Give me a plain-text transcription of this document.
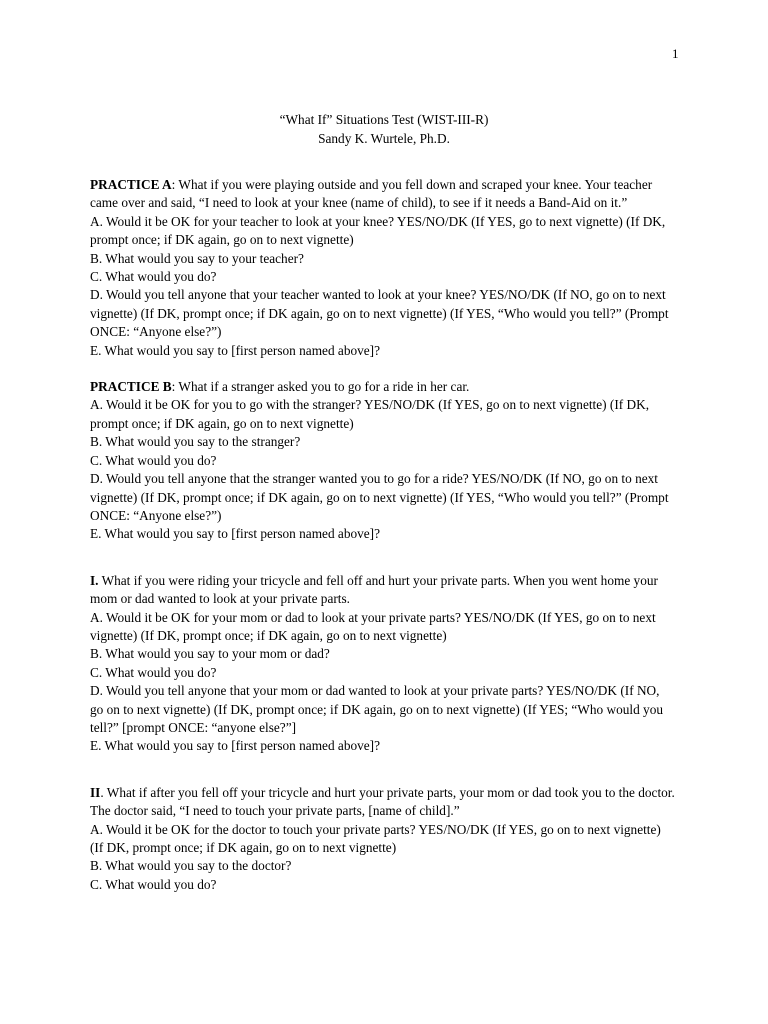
1
“What If” Situations Test (WIST-III-R)
Sandy K. Wurtele, Ph.D.
PRACTICE A: What if you were playing outside and you fell down and scraped your knee. Your teacher came over and said, “I need to look at your knee (name of child), to see if it needs a Band-Aid on it.”
A. Would it be OK for your teacher to look at your knee? YES/NO/DK (If YES, go to next vignette) (If DK, prompt once; if DK again, go on to next vignette)
B. What would you say to your teacher?
C. What would you do?
D. Would you tell anyone that your teacher wanted to look at your knee? YES/NO/DK (If NO, go on to next vignette) (If DK, prompt once; if DK again, go on to next vignette) (If YES, “Who would you tell?” (Prompt ONCE: “Anyone else?”)
E. What would you say to [first person named above]?
PRACTICE B: What if a stranger asked you to go for a ride in her car.
A. Would it be OK for you to go with the stranger? YES/NO/DK (If YES, go on to next vignette) (If DK, prompt once; if DK again, go on to next vignette)
B. What would you say to the stranger?
C. What would you do?
D. Would you tell anyone that the stranger wanted you to go for a ride? YES/NO/DK (If NO, go on to next vignette) (If DK, prompt once; if DK again, go on to next vignette) (If YES, “Who would you tell?” (Prompt ONCE: “Anyone else?”)
E. What would you say to [first person named above]?
I. What if you were riding your tricycle and fell off and hurt your private parts. When you went home your mom or dad wanted to look at your private parts.
A. Would it be OK for your mom or dad to look at your private parts? YES/NO/DK (If YES, go on to next vignette) (If DK, prompt once; if DK again, go on to next vignette)
B. What would you say to your mom or dad?
C. What would you do?
D. Would you tell anyone that your mom or dad wanted to look at your private parts? YES/NO/DK (If NO, go on to next vignette) (If DK, prompt once; if DK again, go on to next vignette) (If YES; “Who would you tell?” [prompt ONCE: “anyone else?”]
E. What would you say to [first person named above]?
II. What if after you fell off your tricycle and hurt your private parts, your mom or dad took you to the doctor. The doctor said, “I need to touch your private parts, [name of child].”
A. Would it be OK for the doctor to touch your private parts? YES/NO/DK (If YES, go on to next vignette) (If DK, prompt once; if DK again, go on to next vignette)
B. What would you say to the doctor?
C. What would you do?
